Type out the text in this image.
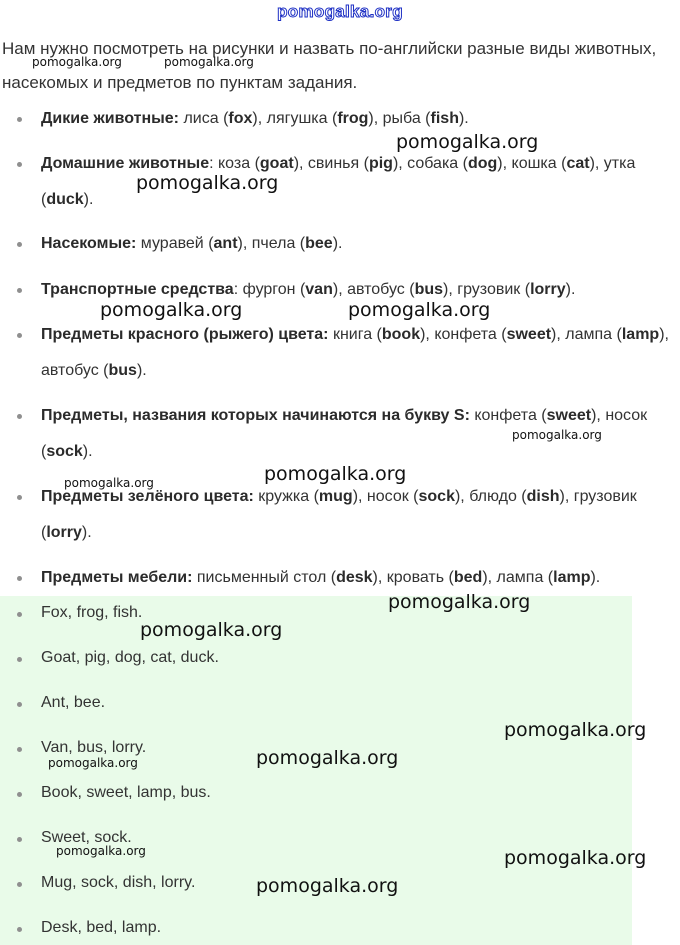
pomogalka.org
Нам нужно посмотреть на рисунки и назвать по-английски разные виды животных, насекомых и предметов по пунктам задания.
Дикие животные: лиса (fox), лягушка (frog), рыба (fish).
Домашние животные: коза (goat), свинья (pig), собака (dog), кошка (cat), утка (duck).
Насекомые: муравей (ant), пчела (bee).
Транспортные средства: фургон (van), автобус (bus), грузовик (lorry).
Предметы красного (рыжего) цвета: книга (book), конфета (sweet), лампа (lamp), автобус (bus).
Предметы, названия которых начинаются на букву S: конфета (sweet), носок (sock).
Предметы зелёного цвета: кружка (mug), носок (sock), блюдо (dish), грузовик (lorry).
Предметы мебели: письменный стол (desk), кровать (bed), лампа (lamp).
Fox, frog, fish.
Goat, pig, dog, cat, duck.
Ant, bee.
Van, bus, lorry.
Book, sweet, lamp, bus.
Sweet, sock.
Mug, sock, dish, lorry.
Desk, bed, lamp.
pomogalka.org	pomogalka.org
pomogalka.org
pomogalka.org
pomogalka.org	pomogalka.org
pomogalka.org
pomogalka.org
pomogalka.org
pomogalka.org
pomogalka.org
pomogalka.org
pomogalka.org
pomogalka.org
pomogalka.org	pomogalka.org
pomogalka.org
